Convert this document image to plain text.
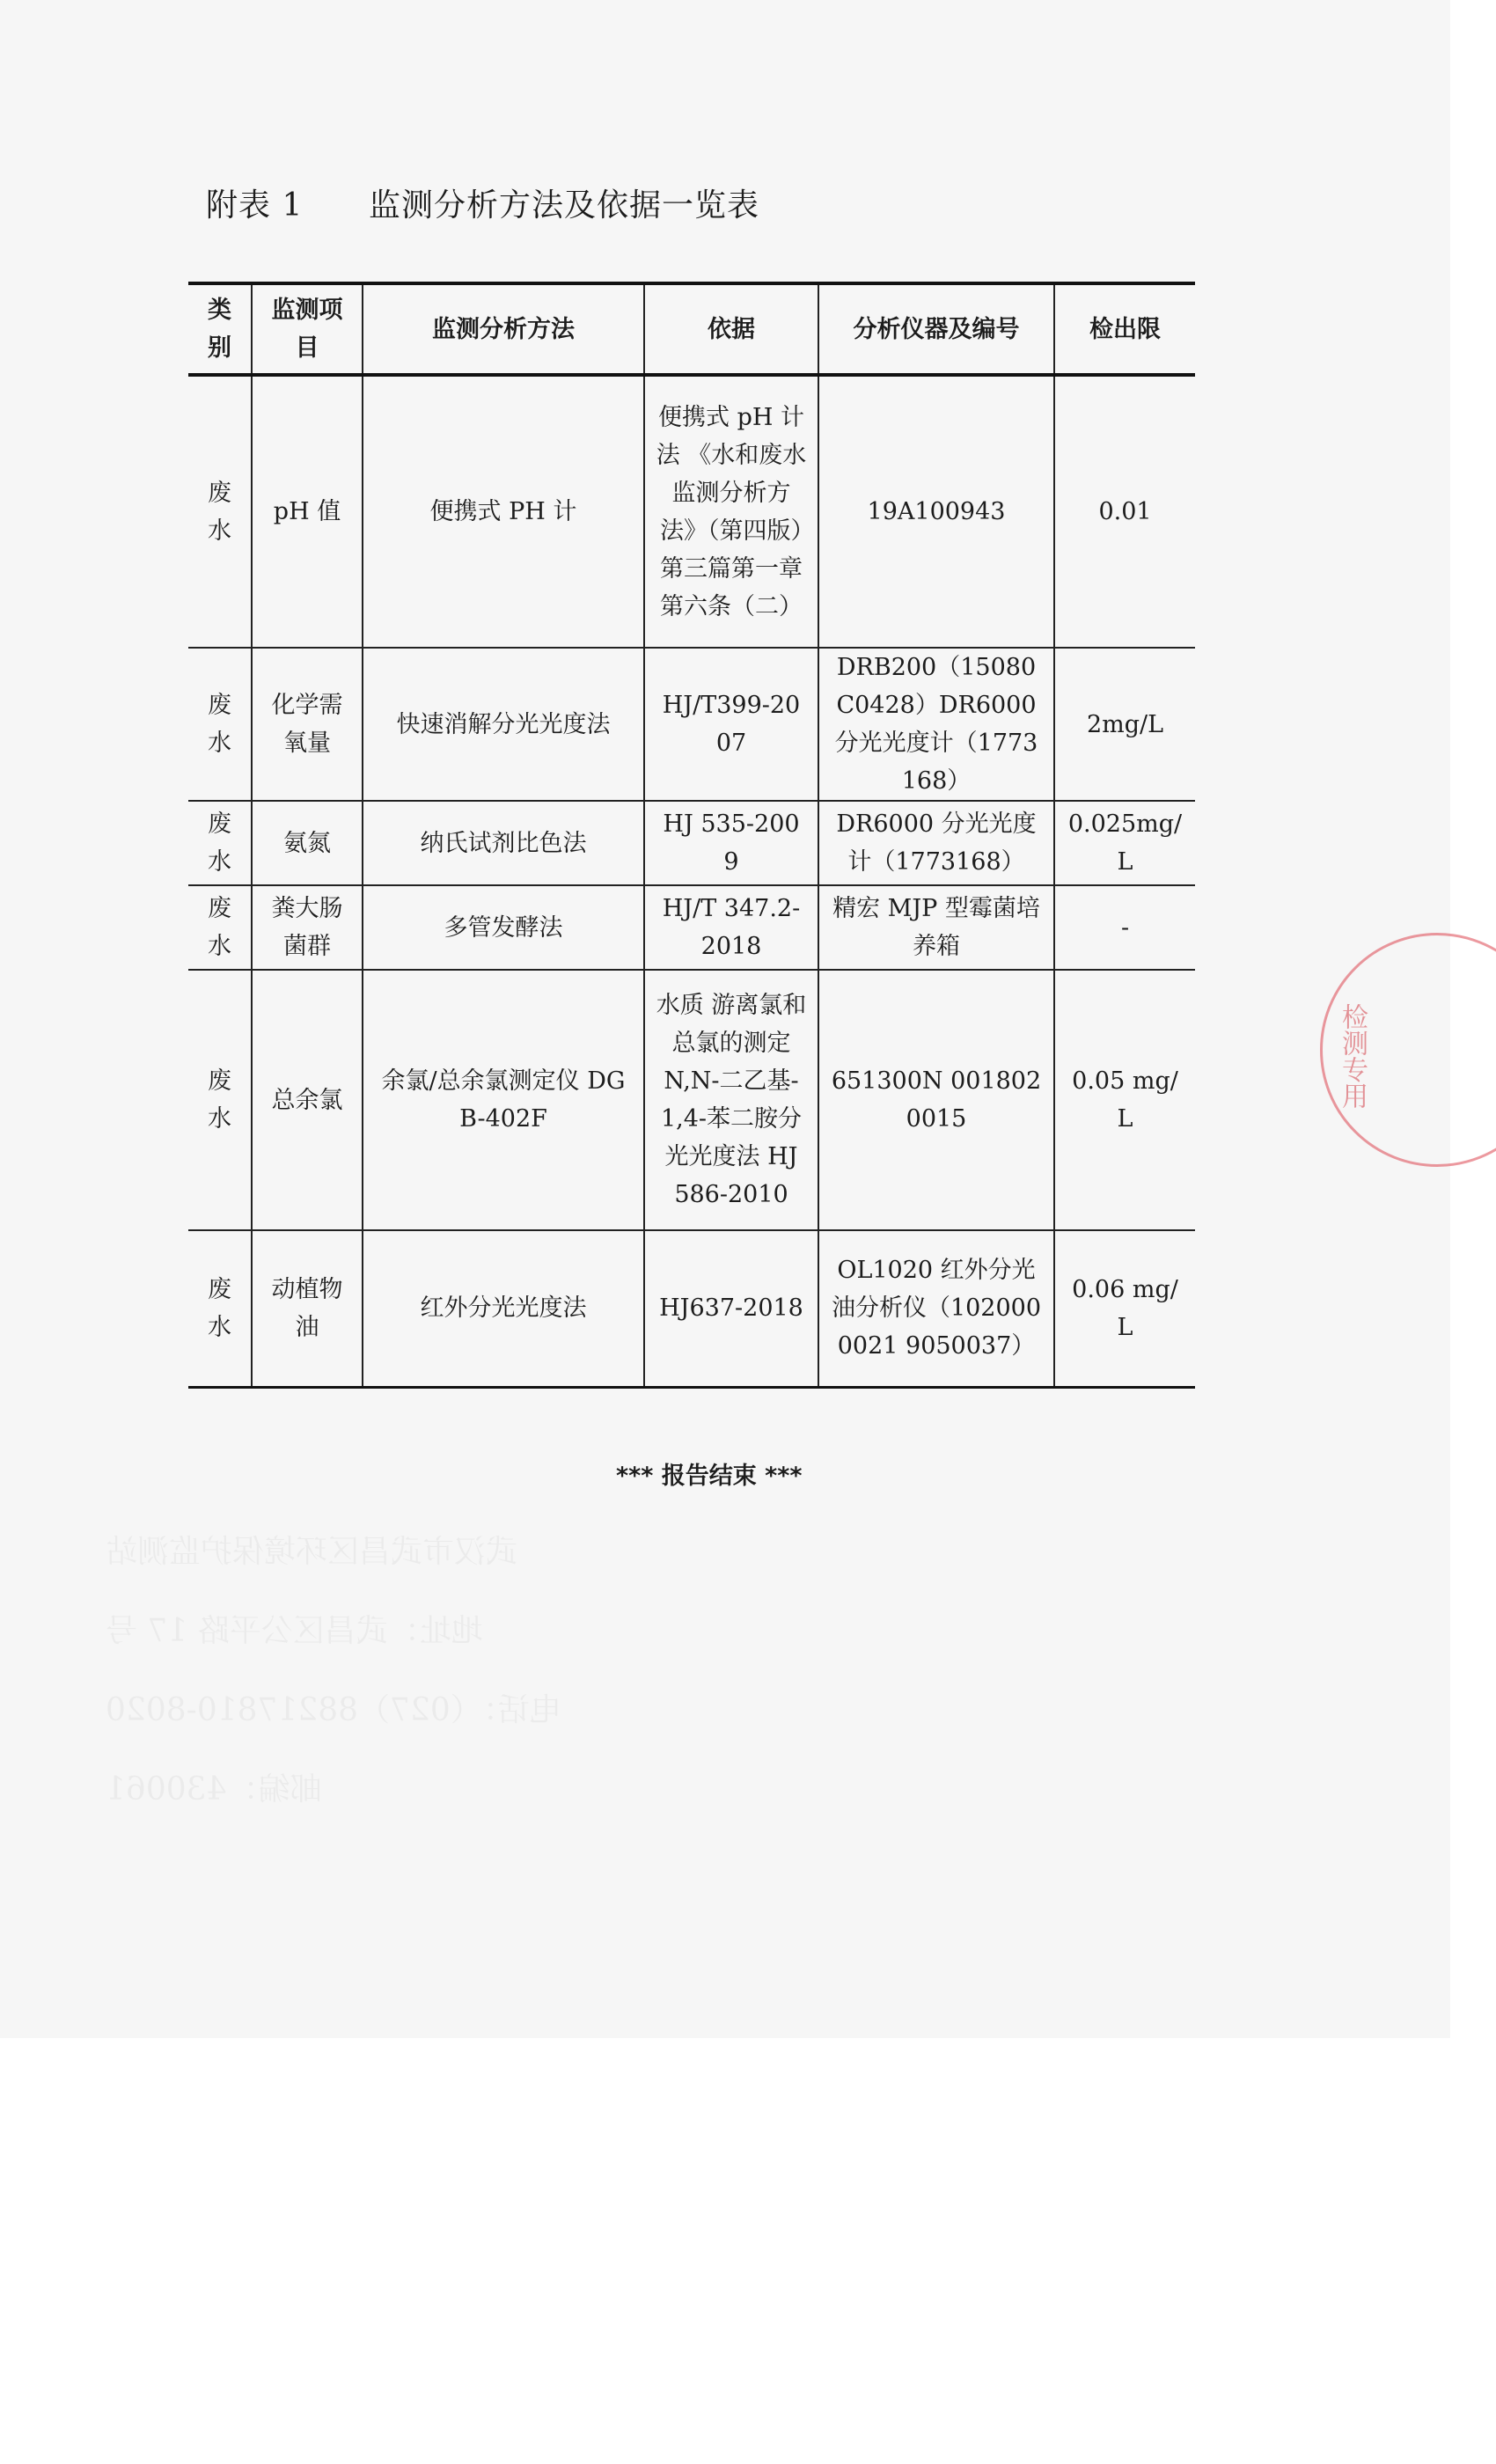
附表 1      监测分析方法及依据一览表
类别	监测项目	监测分析方法	依据	分析仪器及编号	检出限
废水	pH 值	便携式 PH 计	便携式 pH 计法 《水和废水监测分析方法》（第四版）第三篇第一章第六条（二）	19A100943	0.01
废水	化学需氧量	快速消解分光光度法	HJ/T399-2007	DRB200（15080C0428）DR6000 分光光度计（1773168）	2mg/L
废水	氨氮	纳氏试剂比色法	HJ 535-2009	DR6000 分光光度计（1773168）	0.025mg/L
废水	粪大肠菌群	多管发酵法	HJ/T 347.2-2018	精宏 MJP 型霉菌培养箱	-
废水	总余氯	余氯/总余氯测定仪 DGB-402F	水质 游离氯和总氯的测定 N,N-二乙基-1,4-苯二胺分光光度法 HJ 586-2010	651300N 0018020015	0.05 mg/L
废水	动植物油	红外分光光度法	HJ637-2018	OL1020 红外分光油分析仪（1020000021 9050037）	0.06 mg/L
*** 报告结束 ***
检测专用
